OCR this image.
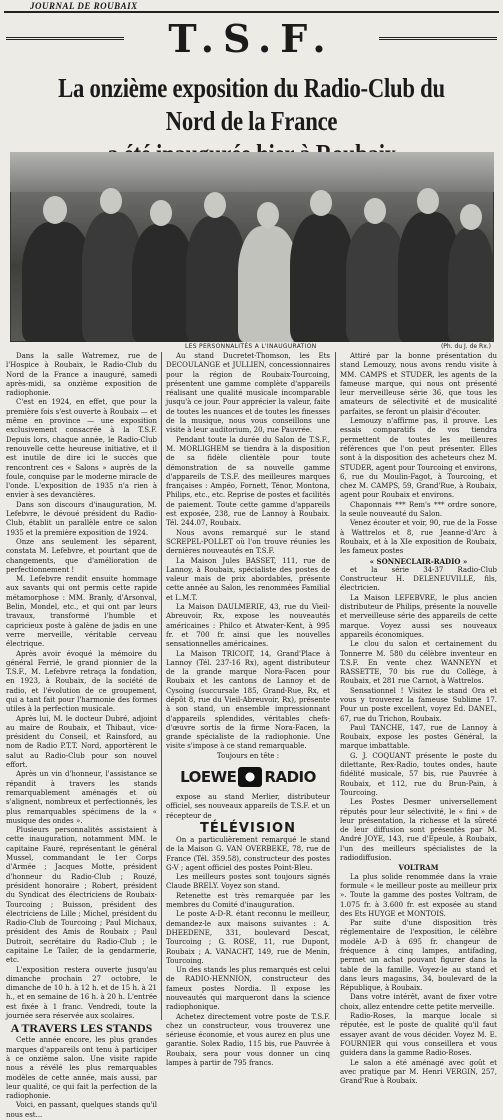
JOURNAL DE ROUBAIX
T.S.F.
La onzième exposition du Radio-Club du Nord de la France
LES PERSONNALITÉS A L'INAUGURATION	(Ph. du J. de Rx.)

Dans la salle Watremez, rue de l'Hospice à Roubaix, le Radio-Club du Nord de la France a inauguré, samedi après-midi, sa onzième exposition de radiophonie.

C'est en 1924, en effet, que pour la première fois s'est ouverte à Roubaix — et même en province — une exposition exclusivement consacrée à la T.S.F. Depuis lors, chaque année, le Radio-Club renouvelle cette heureuse initiative, et il est inutile de dire ici le succès que rencontrent ces « Salons » auprès de la foule, conquise par le moderne miracle de l'onde. L'exposition de 1935 n'a rien à envier à ses devancières.

Dans son discours d'inauguration, M. Lefebvre, le dévoué président du Radio-Club, établit un parallèle entre ce salon 1935 et la première exposition de 1924.

Onze ans seulement les séparent, constata M. Lefebvre, et pourtant que de changements, que d'amélioration de perfectionnement !

M. Lefebvre rendit ensuite hommage aux savants qui ont permis cette rapide métamorphose : MM. Branly, d'Arsonval, Belin, Mondel, etc., et qui ont par leurs travaux, transformé l'humble et capricieux poste à galène de jadis en une verre merveille, véritable cerveau électrique.

Après avoir évoqué la mémoire du général Ferrié, le grand pionnier de la T.S.F., M. Lefebvre retraça la fondation, en 1923, à Roubaix, de la société de radio, et l'évolution de ce groupement, qui a tant fait pour l'harmonie des formes utiles à la perfection musicale.

Après lui, M. le docteur Dubré, adjoint au maire de Roubaix, et Thibaut, vice-président du Conseil, et Rainsford, au nom de Radio P.T.T. Nord, apportèrent le salut au Radio-Club pour son nouvel effort.

Après un vin d'honneur, l'assistance se répandit à travers les stands remarquablement aménagés et où s'alignent, nombreux et perfectionnés, les plus remarquables spécimens de la « musique des ondes ».

Plusieurs personnalités assistaient à cette inauguration, notamment MM. le capitaine Fauré, représentant le général Mussel, commandant le 1er Corps d'Armée ; Jacques Motte, président d'honneur du Radio-Club ; Rouzé, président honoraire ; Robert, président du Syndicat des électriciens de Roubaix-Tourcoing ; Buisson, président des électriciens de Lille ; Michel, président du Radio-Club de Tourcoing ; Paul Michaux, président des Amis de Roubaix ; Paul Dutroit, secrétaire du Radio-Club ; le capitaine Le Tailer, de la gendarmerie, etc.

L'exposition restera ouverte jusqu'au dimanche prochain 27 octobre, le dimanche de 10 h. à 12 h. et de 15 h. à 21 h., et en semaine de 16 h. à 20 h. L'entrée est fixée à 1 franc. Vendredi, toute la journée sera réservée aux scolaires.

A TRAVERS LES STANDS

Cette année encore, les plus grandes marques d'appareils ont tenu à participer à ce onzième salon. Une visite rapide nous a révélé les plus remarquables modèles de cette année, mais aussi, par leur qualité, ce qui fait la perfection de la radiophonie.

Voici, en passant, quelques stands qu'il nous est...

Au stand Ducretet-Thomson, les Ets DECOULANGE et JULLIEN, concessionnaires pour la région de Roubaix-Tourcoing, présentent une gamme complète d'appareils réalisant une qualité musicale incomparable jusqu'à ce jour. Pour apprécier la valeur, faite de toutes les nuances et de toutes les finesses de la musique, nous vous conseillons une visite à leur auditorium, 20, rue Pauvrée.

Pendant toute la durée du Salon de T.S.F., M. MORLIGHEM se tiendra à la disposition de sa fidèle clientèle pour toute démonstration de sa nouvelle gamme d'appareils de T.S.F. des meilleures marques françaises : Ampéo, Fornett, Ténor, Montona, Philips, etc., etc. Reprise de postes et facilités de paiement. Toute cette gamme d'appareils est exposée, 238, rue de Lannoy à Roubaix. Tél. 244.07, Roubaix.

Nous avons remarqué sur le stand SCREPEL-POLLET où l'on trouve réunies les dernières nouveautés en T.S.F.

La Maison Jules BASSET, 111, rue de Lannoy, à Roubaix, spécialiste des postes de valeur mais de prix abordables, présente cette année au Salon, les renommées Familial et L.M.T.

La Maison DAULMERIE, 43, rue du Vieil-Abreuvoir, Rx, expose les nouveautés américaines : Philco et Atwater-Kent, à 995 fr. et 700 fr. ainsi que les nouvelles sensationnelles américaines.

La Maison TRICOIT, 14, Grand'Place à Lannoy (Tél. 237-16 Rx), agent distributeur de la grande marque Nora-Facen pour Roubaix et les cantons de Lannoy et de Cysoing (succursale 185, Grand-Rue, Rx, et dépôt 8, rue du Vieil-Abreuvoir, Rx), présente à son stand, un ensemble impressionnant d'appareils splendides, véritables chefs-d'œuvre sortis de la firme Nora-Facen, la grande spécialiste de la radiophonie. Une visite s'impose à ce stand remarquable.

Toujours en tête :

LOEWE RADIO

expose au stand Merlier, distributeur officiel, ses nouveaux appareils de T.S.F. et un récepteur de

TÉLÉVISION

On a particulièrement remarqué le stand de la Maison G. VAN OVERBEKE, 78, rue de France (Tél. 359.58), constructeur des postes G-V ; agent officiel des postes Point-Bleu.

Les meilleurs postes sont toujours signés Claude BRELY. Voyez son stand.

Retenette est très remarquée par les membres du Comité d'inauguration.

Le poste A-D-R. étant reconnu le meilleur, demandez-le aux maisons suivantes : A. DHEEDENE, 331, boulevard Descat, Tourcoing ; G. ROSE, 11, rue Dupont, Roubaix ; A. VANACHT, 149, rue de Menin, Tourcoing.

Un des stands les plus remarqués est celui de RADIO-HENNION, constructeur des fameux postes Nordia. Il expose les nouveautés qui marqueront dans la science radiophonique.

Achetez directement votre poste de T.S.F. chez un constructeur, vous trouverez une sérieuse économie, et vous aurez en plus une garantie. Solex Radio, 115 bis, rue Pauvrée à Roubaix, sera pour vous donner un cinq lampes à partir de 795 francs.

Attiré par la bonne présentation du stand Lemouzy, nous avons rendu visite à MM. CAMPS et STUDER, les agents de la fameuse marque, qui nous ont présenté leur merveilleuse série 36, que tous les amateurs de sélectivité et de musicalité parfaites, se feront un plaisir d'écouter.

Lemouzy n'affirme pas, il prouve. Les essais comparatifs de vos tiendra permettent de toutes les meilleures références que l'on peut présenter. Elles sont à la disposition des acheteurs chez M. STUDER, agent pour Tourcoing et environs, 6, rue du Moulin-Fagot, à Tourcoing, et chez M. CAMPS, 59, Grand'Rue, à Roubaix, agent pour Roubaix et environs.

Chaponnais *** Rem's *** ordre sonore, la seule nouveauté du Salon.

Venez écouter et voir, 90, rue de la Fosse à Wattrelos et 8, rue Jeanne-d'Arc à Roubaix, et à la XIe exposition de Roubaix, les fameux postes

« SONNECLAIR-RADIO »

et la série 34-37 Radio-Club Constructeur H. DELENEUVILLE, fils, électricien.

La Maison LEFEBVRE, le plus ancien distributeur de Philips, présente la nouvelle et merveilleuse série des appareils de cette marque. Voyez aussi ses nouveaux appareils économiques.

Le clou du salon et certainement du Tonnerre M. 580 du célèbre inventeur en T.S.F. En vente chez WANNEYN et RASSETTE, 70 bis rue du Collège, à Roubaix, et 281 rue Carnot, à Wattrelos.

Sensationnel ! Visitez le stand Ora et vous y trouverez la fameuse Sublime 17. Pour un poste excellent, voyez Ed. DANEL, 67, rue du Trichon, Roubaix.

Paul TANCHE, 147, rue de Lannoy à Roubaix, expose les postes Général, la marque imbattable.

G. J. COQUANT présente le poste du dilettante, Rex-Radio, toutes ondes, haute fidélité musicale, 57 bis, rue Pauvrée à Roubaix, et 112, rue du Brun-Pain, à Tourcoing.

Les Postes Desmer universellement réputés pour leur sélectivité, le « fini » de leur présentation, la richesse et la sûreté de leur diffusion sont présentés par M. André JOYE, 143, rue d'Epeule, à Roubaix, l'un des meilleurs spécialistes de la radiodiffusion.

VOLTRAM

La plus solide renommée dans la vraie formule « le meilleur poste au meilleur prix ». Toute la gamme des postes Voltram, de 1.075 fr. à 3.600 fr. est exposée au stand des Ets HUYGE et MONTOIS.

Par suite d'une disposition très réglementaire de l'exposition, le célèbre modèle A-D à 695 fr. changeur de fréquence à cinq lampes, antifading, permet un achat pouvant figurer dans la table de la famille. Voyez-le au stand et dans leurs magasins, 34, boulevard de la République, à Roubaix.

Dans votre intérêt, avant de fixer votre choix, allez entendre cette petite merveille.

Radio-Roses, la marque locale si réputée, est le poste de qualité qu'il faut essayer avant de vous décider. Voyez M. E. FOURNIER qui vous conseillera et vous guidera dans la gamme Radio-Roses.

Le salon a été aménagé avec goût et avec pratique par M. Henri VERGIN, 257, Grand'Rue à Roubaix.
